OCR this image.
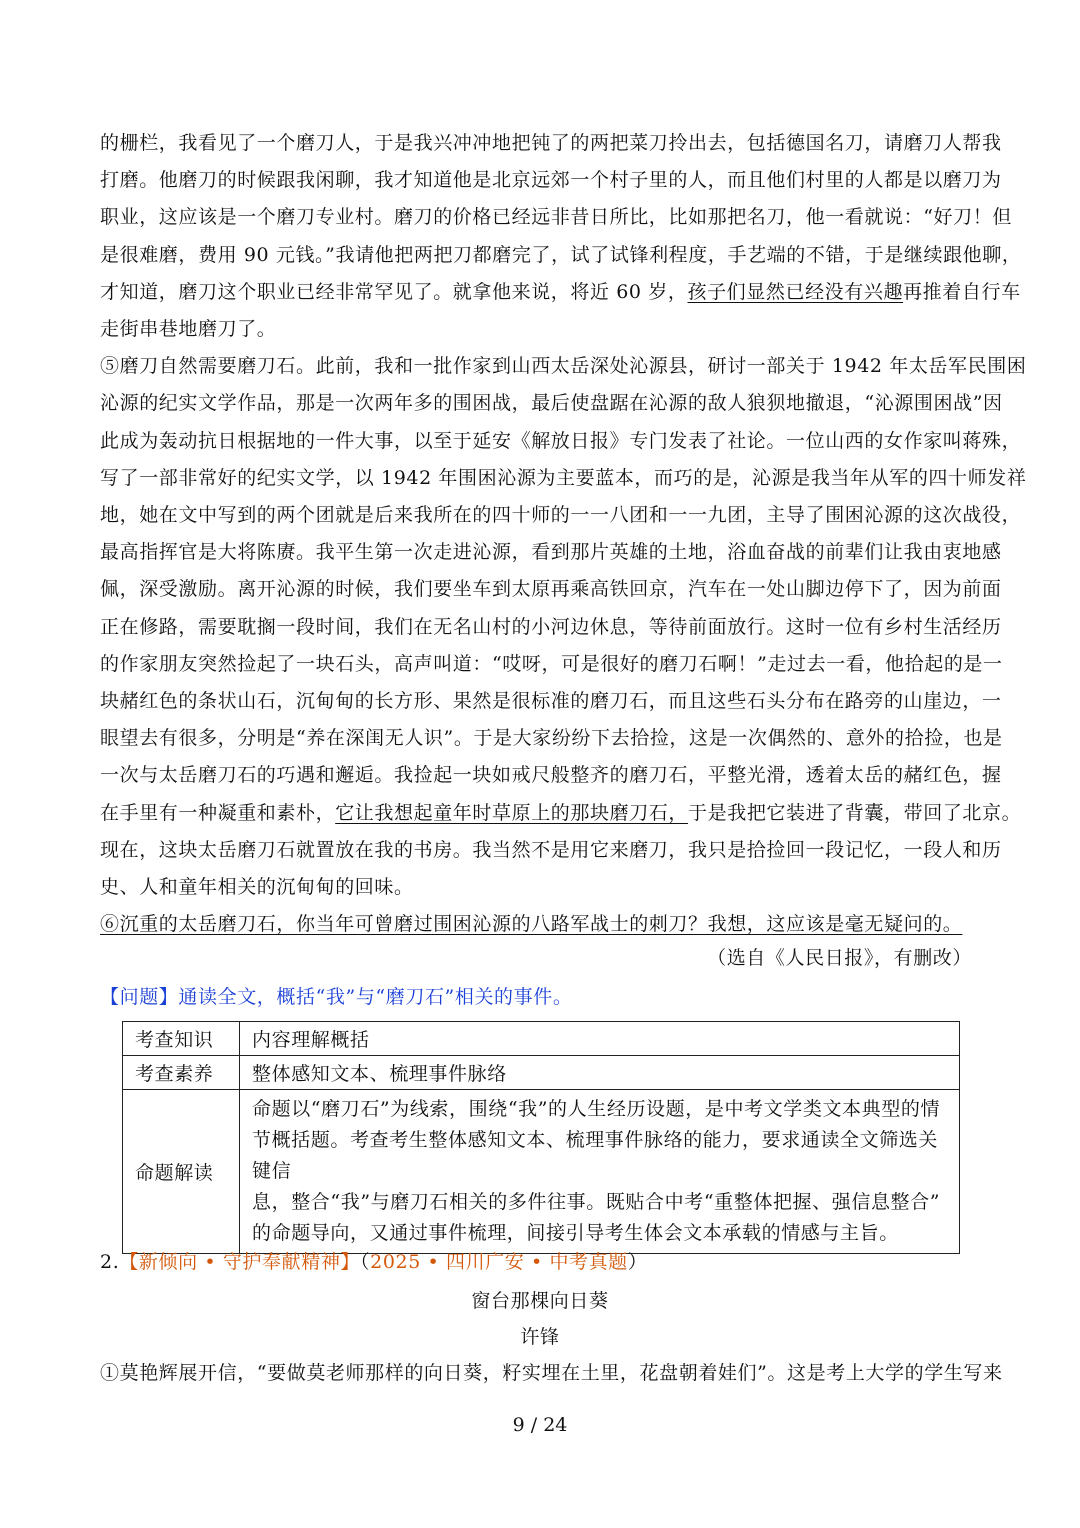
的栅栏，我看见了一个磨刀人，于是我兴冲冲地把钝了的两把菜刀拎出去，包括德国名刀，请磨刀人帮我
打磨。他磨刀的时候跟我闲聊，我才知道他是北京远郊一个村子里的人，而且他们村里的人都是以磨刀为
职业，这应该是一个磨刀专业村。磨刀的价格已经远非昔日所比，比如那把名刀，他一看就说：“好刀！但
是很难磨，费用 90 元钱。”我请他把两把刀都磨完了，试了试锋利程度，手艺端的不错，于是继续跟他聊，
才知道，磨刀这个职业已经非常罕见了。就拿他来说，将近 60 岁，孩子们显然已经没有兴趣再推着自行车
走街串巷地磨刀了。
⑤磨刀自然需要磨刀石。此前，我和一批作家到山西太岳深处沁源县，研讨一部关于 1942 年太岳军民围困
沁源的纪实文学作品，那是一次两年多的围困战，最后使盘踞在沁源的敌人狼狈地撤退，“沁源围困战”因
此成为轰动抗日根据地的一件大事，以至于延安《解放日报》专门发表了社论。一位山西的女作家叫蒋殊，
写了一部非常好的纪实文学，以 1942 年围困沁源为主要蓝本，而巧的是，沁源是我当年从军的四十师发祥
地，她在文中写到的两个团就是后来我所在的四十师的一一八团和一一九团，主导了围困沁源的这次战役，
最高指挥官是大将陈赓。我平生第一次走进沁源，看到那片英雄的土地，浴血奋战的前辈们让我由衷地感
佩，深受激励。离开沁源的时候，我们要坐车到太原再乘高铁回京，汽车在一处山脚边停下了，因为前面
正在修路，需要耽搁一段时间，我们在无名山村的小河边休息，等待前面放行。这时一位有乡村生活经历
的作家朋友突然捡起了一块石头，高声叫道：“哎呀，可是很好的磨刀石啊！”走过去一看，他拾起的是一
块赭红色的条状山石，沉甸甸的长方形、果然是很标准的磨刀石，而且这些石头分布在路旁的山崖边，一
眼望去有很多，分明是“养在深闺无人识”。于是大家纷纷下去拾捡，这是一次偶然的、意外的拾捡，也是
一次与太岳磨刀石的巧遇和邂逅。我捡起一块如戒尺般整齐的磨刀石，平整光滑，透着太岳的赭红色，握
在手里有一种凝重和素朴，它让我想起童年时草原上的那块磨刀石，于是我把它装进了背囊，带回了北京。
现在，这块太岳磨刀石就置放在我的书房。我当然不是用它来磨刀，我只是拾捡回一段记忆，一段人和历
史、人和童年相关的沉甸甸的回味。
⑥沉重的太岳磨刀石，你当年可曾磨过围困沁源的八路军战士的刺刀？我想，这应该是毫无疑问的。
（选自《人民日报》，有删改）
【问题】通读全文，概括“我”与“磨刀石”相关的事件。
考查知识	内容理解概括
考查素养	整体感知文本、梳理事件脉络
命题解读	命题以“磨刀石”为线索，围绕“我”的人生经历设题，是中考文学类文本典型的情
节概括题。考查考生整体感知文本、梳理事件脉络的能力，要求通读全文筛选关键信
息，整合“我”与磨刀石相关的多件往事。既贴合中考“重整体把握、强信息整合”
的命题导向，又通过事件梳理，间接引导考生体会文本承载的情感与主旨。
2.【新倾向 • 守护奉献精神】（2025 • 四川广安 • 中考真题）
窗台那棵向日葵
许锋
①莫艳辉展开信，“要做莫老师那样的向日葵，籽实埋在土里，花盘朝着娃们”。这是考上大学的学生写来
9 / 24
